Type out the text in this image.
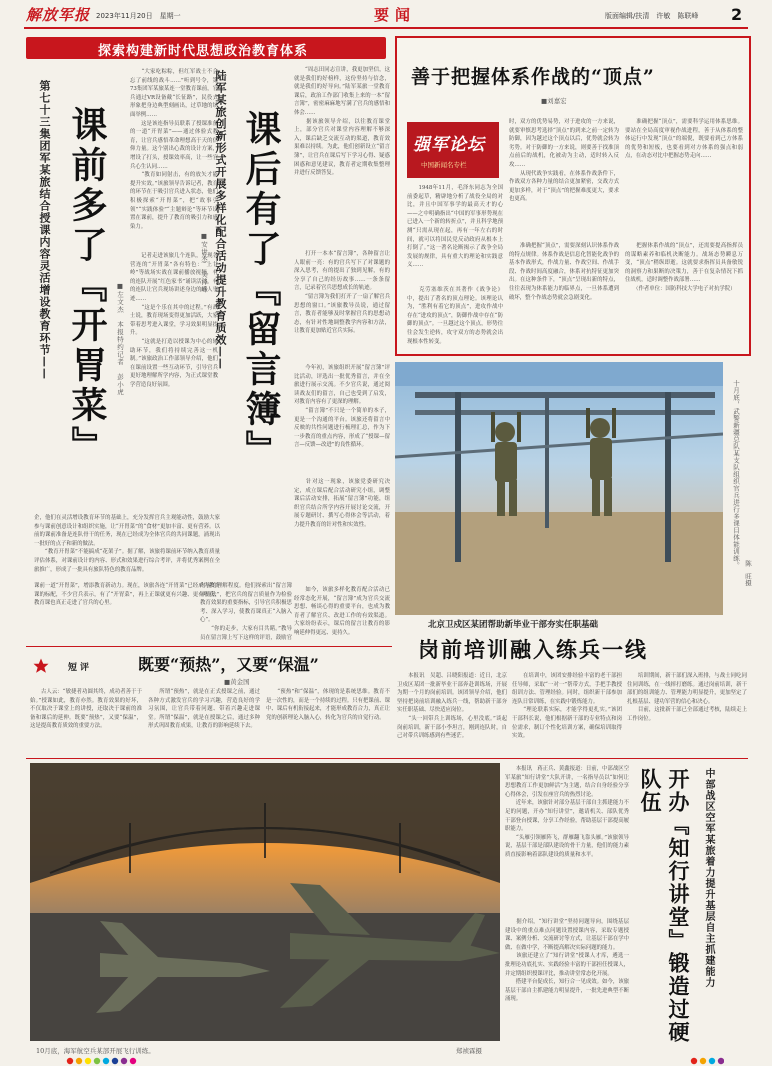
解放军报 2023年11月20日　星期一	要闻	版面编辑/扶清　许敏　陈联峰 2
探索构建新时代思想政治教育体系
第七十三集团军某旅结合授课内容灵活增设教育环节—— 课前多了『开胃菜』 ■左文杰　本报特约记者　彭小虎
　　“大家吃粽粽，但红军战士不会忘了前线的战斗……”听到号令，第73集团军某旅某连一堂教育课前，官兵通过VR设备戴“长征路”，民役式形象把身边典型刻画出，过草地的场面举例……
　　这是该连指导员联系了授课准备的一道“开胃菜”——通过体验式教育，让官兵感悟革命理想高于天的信仰力量。这个别出心裁的设计方案，增设了打头，授课效率高，让一些官兵心生认同……
　　“教育如同射击，有的放矢才能提升实效。”该旅领导告诉记者，教育的环节在于吸引官兵进入状态，他们积极探索“开胃菜”，把“故事引领”“实践体验”“主题辩论”等环节设置在课前，提升了教育的吸引力和感染力。
　　记者走进该旅几个连队，发现各营连的“开胃菜”各有特色：“上甘岭”等战场实战在课前播放视频，有的连队开展“红色家书”诵读活动，有的连队让官兵现场讲述身边的感人事迹……
　　“这是个乐在其中的过程。”有战士说，教育现场变得更加活跃，大家带着思考进入课堂，学习效果明显提升。
　　“这就是打造以授课为中心的辅助环节，我们将持续完善这一机制。”该旅政治工作部领导介绍，他们在课前设置一些互动环节，引导官兵更好地理解所学内容，为正式课堂教学营造良好氛围。
企，他们在灵活增设教育环节的基础上，充分发挥官兵主观能动性，鼓励大家参与课前创意设计和组织实施，让“开胃菜”的“食材”更加丰富、更有营养。以前的课前准备是连队骨干的任务，现在已经成为全体官兵的共同课题，涌现出一批好的点子和新的做法。
　　“教育开胃菜”不能搞成“花架子”。据了解，该旅将课前环节纳入教育质量评估体系，对课前设计的内容、形式和效果进行综合考评，并将优秀案例在全旅推广，形成了一批具有旅队特色的教育品牌。
课前一道“开胃菜”，增添教育新动力。现在，该旅各连“开胃菜”已经成为教育课的标配，不少官兵表示，有了“开胃菜”，再上正课就更有兴趣、更有收获，教育课也真正走进了官兵的心里。
陆军某旅创新形式开展多样化配合活动提升教育质效—— 课后有了『留言簿』
■安世杰　吴泽峰
　　“周志田同志宣讲，我更加坚信，这就是我们的好榜样，这份坚持与信念，就是我们的好导向。”陆军某旅一堂教育课后，政治工作部门收集上来的一本“留言簿”，密密麻麻地写满了官兵的感悟和体会……
　　据该旅领导介绍，以往教育课堂上，部分官兵对课堂内容理解不够深入，课后缺乏交流互动的渠道，教育效果难以持续。为此，他们创新设立“留言簿”，让官兵在课后写下学习心得、疑惑困惑和意见建议，教育者定期收集整理并进行反馈答复。
　　打开一本本“留言簿”，各种留言让人眼前一亮：有的官兵写下了对课题的深入思考，有的提出了独到见解，有的分享了自己的经历故事……一条条留言，记录着官兵思想成长的轨迹。
　　“留言簿为我们打开了一扇了解官兵思想的窗口。”该旅教导员说，通过留言，教育者能够及时掌握官兵的思想动态，有针对性地调整教学内容和方法，让教育更加贴近官兵实际。
　　今年初，该旅组织开展“留言簿”评比活动，评选出一批优秀留言，并在全旅进行展示交流。不少官兵说，通过阅读战友们的留言，自己也受到了启发，对教育内容有了更深的理解。
　　“留言簿”不只是一个简单的本子，更是一个沟通的平台。该旅还将留言中反映的共性问题进行梳理汇总，作为下一步教育的重点内容，形成了“授课—留言—反馈—改进”的良性循环。
　　针对这一现象，该旅党委研究决定，成立课后配合活动研究小组，调整课后活动安排，拓展“留言簿”功能，组织官兵结合所学内容开展讨论交流，开展专题研讨、撰写心得体会等活动，着力提升教育的针对性和实效性。
内容的理解程度。他们探索出“留言簿评价法”，把官兵的留言质量作为检验教育效果的重要指标，引导官兵积极思考、深入学习，使教育课真正“入脑入心”。
　　“你的走步，大家有目共睹。”教导员在留言簿上写下这样的评语，鼓励官
　　如今，该旅多样化教育配合活动已经常态化开展，“留言簿”成为官兵交流思想、畅谈心得的重要平台，也成为教育者了解官兵、改进工作的有效渠道。大家纷纷表示，课后的留言让教育的影响延伸得更远、更持久。
善于把握体系作战的“顶点”
■刘嘉宏
强军论坛
中国新闻名专栏
　　1948年11月，毛泽东同志为全国前委起草，精辟地分析了战役全局的对比，并且中国军事学的最高天才的心——之中明确指出“中国的军事形势现在已进入一个新的转折点”，并且科学地预测“只需从现在起，再有一年左右的时间，就可以将国民党反动政府从根本上打倒了。”这一著名论断揭示了战争全局发展的规律，具有重大的理论和实践意义……
　　克劳塞维茨在其著作《战争论》中，提出了著名的顶点理论。该理论认为，“胜利有着它的顶点”，进攻作战中存在“进攻的顶点”，防御作战中存在“防御的顶点”。一旦越过这个顶点，形势往往会发生逆转，攻守双方的态势就会出现根本性转变。
时，双方的优势易势，对于进攻的一方来说，就要审慎思考选择“顶点”的到来之前一定转为防御，因为越过这个顶点以后，优势就会转为劣势。对于防御的一方来说，则要善于找准顶点前后的战机，化被动为主动，适时转入反攻……
　　从现代战争实践看，在体系作战条件下，作战双方各种力量的结合更加紧密，交战方式更加多样，对于“顶点”的把握难度更大，要求也更高。
　　准确把握“顶点”，需要深刻认识体系作战的特点规律。体系作战是信息化智能化战争的基本作战形式，作战力量、作战空间、作战手段、作战时间高度融合，体系对抗特征更加突出。在这种条件下，“顶点”呈现出新的特点，往往表现为体系能力的临界点，一旦体系遭到破坏，整个作战态势就会急剧变化。
　　准确把握“顶点”，需要科学运用体系思维。要站在全局高度审视作战进程，善于从体系的整体运行中发现“顶点”的端倪，既要看到己方体系的优势和短板，也要看到对方体系的强点和弱点，在动态对比中把握态势走向……
　　把握体系作战的“顶点”，还需要提高指挥员的谋略素养和临机决断能力。战场态势瞬息万变，“顶点”稍纵即逝。这就要求指挥员具备敏锐的洞察力和果断的决策力，善于在复杂情况下抓住战机，适时调整作战部署……
　　（作者单位：国防科技大学电子对抗学院）
十月底，武警新疆总队某支队组织官兵进行多课目体能训练。
陈　旺摄
北京卫戍区某团帮助新毕业干部夯实任职基础
岗前培训融入练兵一线
　　本报讯　吴超、吕晓阳报道：近日，北京卫戍区某团一批新毕业干部奔赴训练场，开展为期一个月的岗前培训。该团领导介绍，他们坚持把岗前培训融入练兵一线，帮助新干部夯实任职基础、尽快适应岗位。
　　“头一回带兵上训练场，心里没底。”谈起岗前培训，新干部小李坦言，刚到连队时，自己对带兵训练感到有些迷茫。
　　在培训中，该团安排经验丰富的老干部担任导师，采取“一对一”帮带方式，手把手教授组训方法、管理经验。同时，组织新干部参加连队日常训练，在实践中锻炼能力。
　　“理论联系实际，才能学得更扎实。”该团干部科长说，他们根据新干部的专业特点和岗位需求，制订个性化培训方案，确保培训取得实效。
　　培训期间，新干部们深入班排，与战士同吃同住同训练，在一线摔打磨练。通过岗前培训，新干部们的组训能力、管理能力明显提升，更加坚定了扎根基层、建功军营的信心和决心。
　　目前，这批新干部已全部通过考核，陆续走上工作岗位。
短评	既要“预热”，又要“保温”
■黄金国
　　古人云：“敏捷者功圆其终，成功者善于于始。”授课如此，教育亦然。教育效果的好坏，不仅取决于课堂上的讲授，还取决于课前的准备和课后的延伸。既要“预热”，又要“保温”，这是提高教育质效的重要方法。
　　所谓“预热”，就是在正式授课之前，通过各种方式激发官兵的学习兴趣，营造良好的学习氛围，让官兵带着问题、带着兴趣走进课堂。所谓“保温”，就是在授课之后，通过多种形式巩固教育成果，让教育的影响延续下去。
　　“预热”和“保温”，体现的是系统思维。教育不是一次性的，而是一个持续的过程。只有把课前、课中、课后有机衔接起来，才能形成教育合力，真正让党的创新理论入脑入心，转化为官兵的自觉行动。
10月底，海军航空兵某部开展飞行训练。	郑祯霖摄
　　本报讯　蒋正兵、黄鑫报道：日前，中部战区空军某旅“知行讲堂”大队开讲，一名指导员以“如何让思想教育工作更加鲜活”为主题，结合自身经验分享心得体会，引发在座官兵的热烈讨论。
　　近年来，该旅针对部分基层干部自主抓建能力不足的问题，开办“知行讲堂”，邀请机关、部队优秀干部登台授课，分享工作经验，帮助基层干部提高履职能力。
　　“头雁引领雁阵飞，群雁翻飞靠头雁。”该旅领导说，基层干部是部队建设的骨干力量，他们的能力素质直接影响着部队建设的质量和水平。
　　据介绍，“知行讲堂”坚持问题导向，围绕基层建设中的重点难点问题设置授课内容，采取专题授课、案例分析、交流研讨等方式，让基层干部在学中做、在做中学，不断提高解决实际问题的能力。
　　该旅还建立了“知行讲堂”授课人才库，遴选一批理论功底扎实、实践经验丰富的干部担任授课人，并定期组织授课评比，推动讲堂常态化开展。
　　搭建平台促成长，知行合一见成效。如今，该旅基层干部自主抓建能力明显提升，一批先进典型不断涌现。	开办『知行讲堂』锻造过硬队伍	中部战区空军某旅着力提升基层自主抓建能力
